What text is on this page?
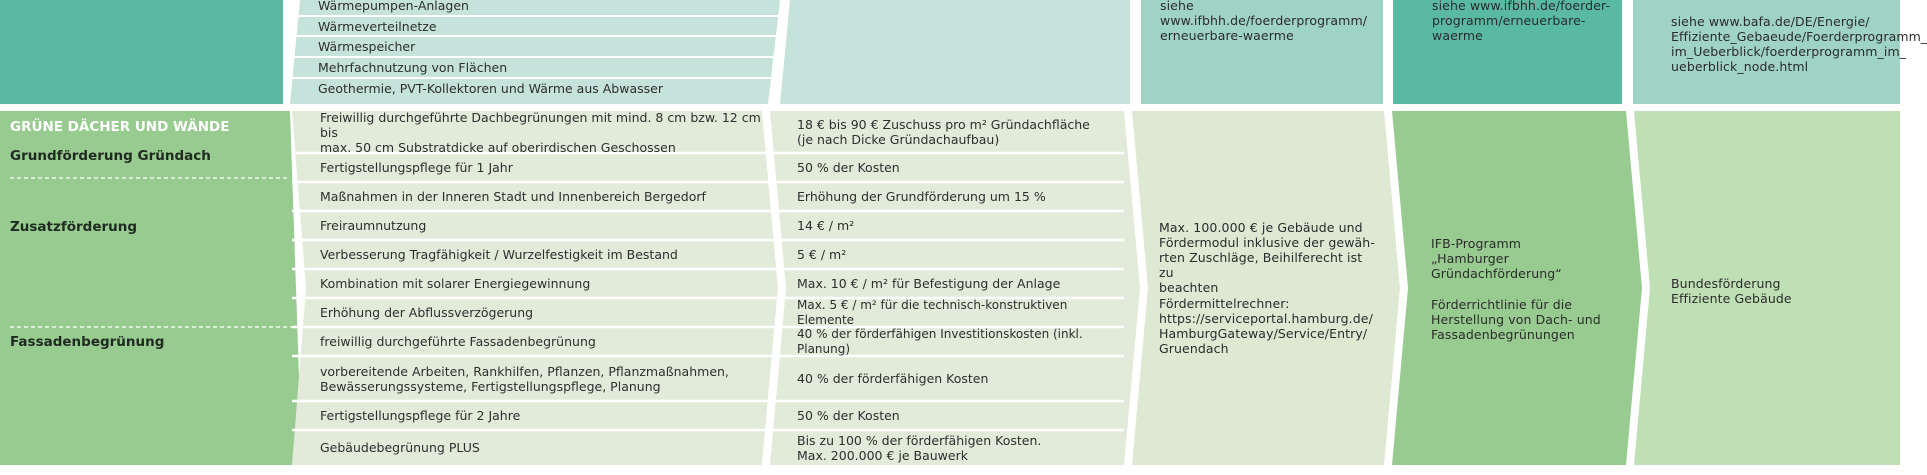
Wärmepumpen-Anlagen
Wärmeverteilnetze
Wärmespeicher
Mehrfachnutzung von Flächen
Geothermie, PVT-Kollektoren und Wärme aus Abwasser
siehe www.ifbhh.de/foerderprogramm/
erneuerbare-waerme
siehe www.ifbhh.de/foerder-
programm/erneuerbare-waerme
siehe www.bafa.de/DE/Energie/
Effiziente_Gebaeude/Foerderprogramm_
im_Ueberblick/foerderprogramm_im_
ueberblick_node.html
GRÜNE DÄCHER UND WÄNDE
Grundförderung Gründach
Zusatzförderung
Fassadenbegrünung
Freiwillig durchgeführte Dachbegrünungen mit mind. 8 cm bzw. 12 cm bis
max. 50 cm Substratdicke auf oberirdischen Geschossen
Fertigstellungspflege für 1 Jahr
Maßnahmen in der Inneren Stadt und Innenbereich Bergedorf
Freiraumnutzung
Verbesserung Tragfähigkeit / Wurzelfestigkeit im Bestand
Kombination mit solarer Energiegewinnung
Erhöhung der Abflussverzögerung
freiwillig durchgeführte Fassadenbegrünung
vorbereitende Arbeiten, Rankhilfen, Pflanzen, Pflanzmaßnahmen,
Bewässerungssysteme, Fertigstellungspflege, Planung
Fertigstellungspflege für 2 Jahre
Gebäudebegrünung PLUS
18 € bis 90 € Zuschuss pro m² Gründachfläche
(je nach Dicke Gründachaufbau)
50 % der Kosten
Erhöhung der Grundförderung um 15 %
14 € / m²
5 € / m²
Max. 10 € / m² für Befestigung der Anlage
Max. 5 € / m² für die technisch-konstruktiven Elemente
40 % der förderfähigen Investitionskosten (inkl. Planung)
40 % der förderfähigen Kosten
50 % der Kosten
Bis zu 100 % der förderfähigen Kosten.
Max. 200.000 € je Bauwerk
Max. 100.000 € je Gebäude und
Fördermodul inklusive der gewäh-
rten Zuschläge, Beihilferecht ist zu
beachten
Fördermittelrechner:
https://serviceportal.hamburg.de/
HamburgGateway/Service/Entry/
Gruendach
IFB-Programm
„Hamburger
Gründachförderung“
Förderrichtlinie für die
Herstellung von Dach- und
Fassadenbegrünungen
Bundesförderung
Effiziente Gebäude
